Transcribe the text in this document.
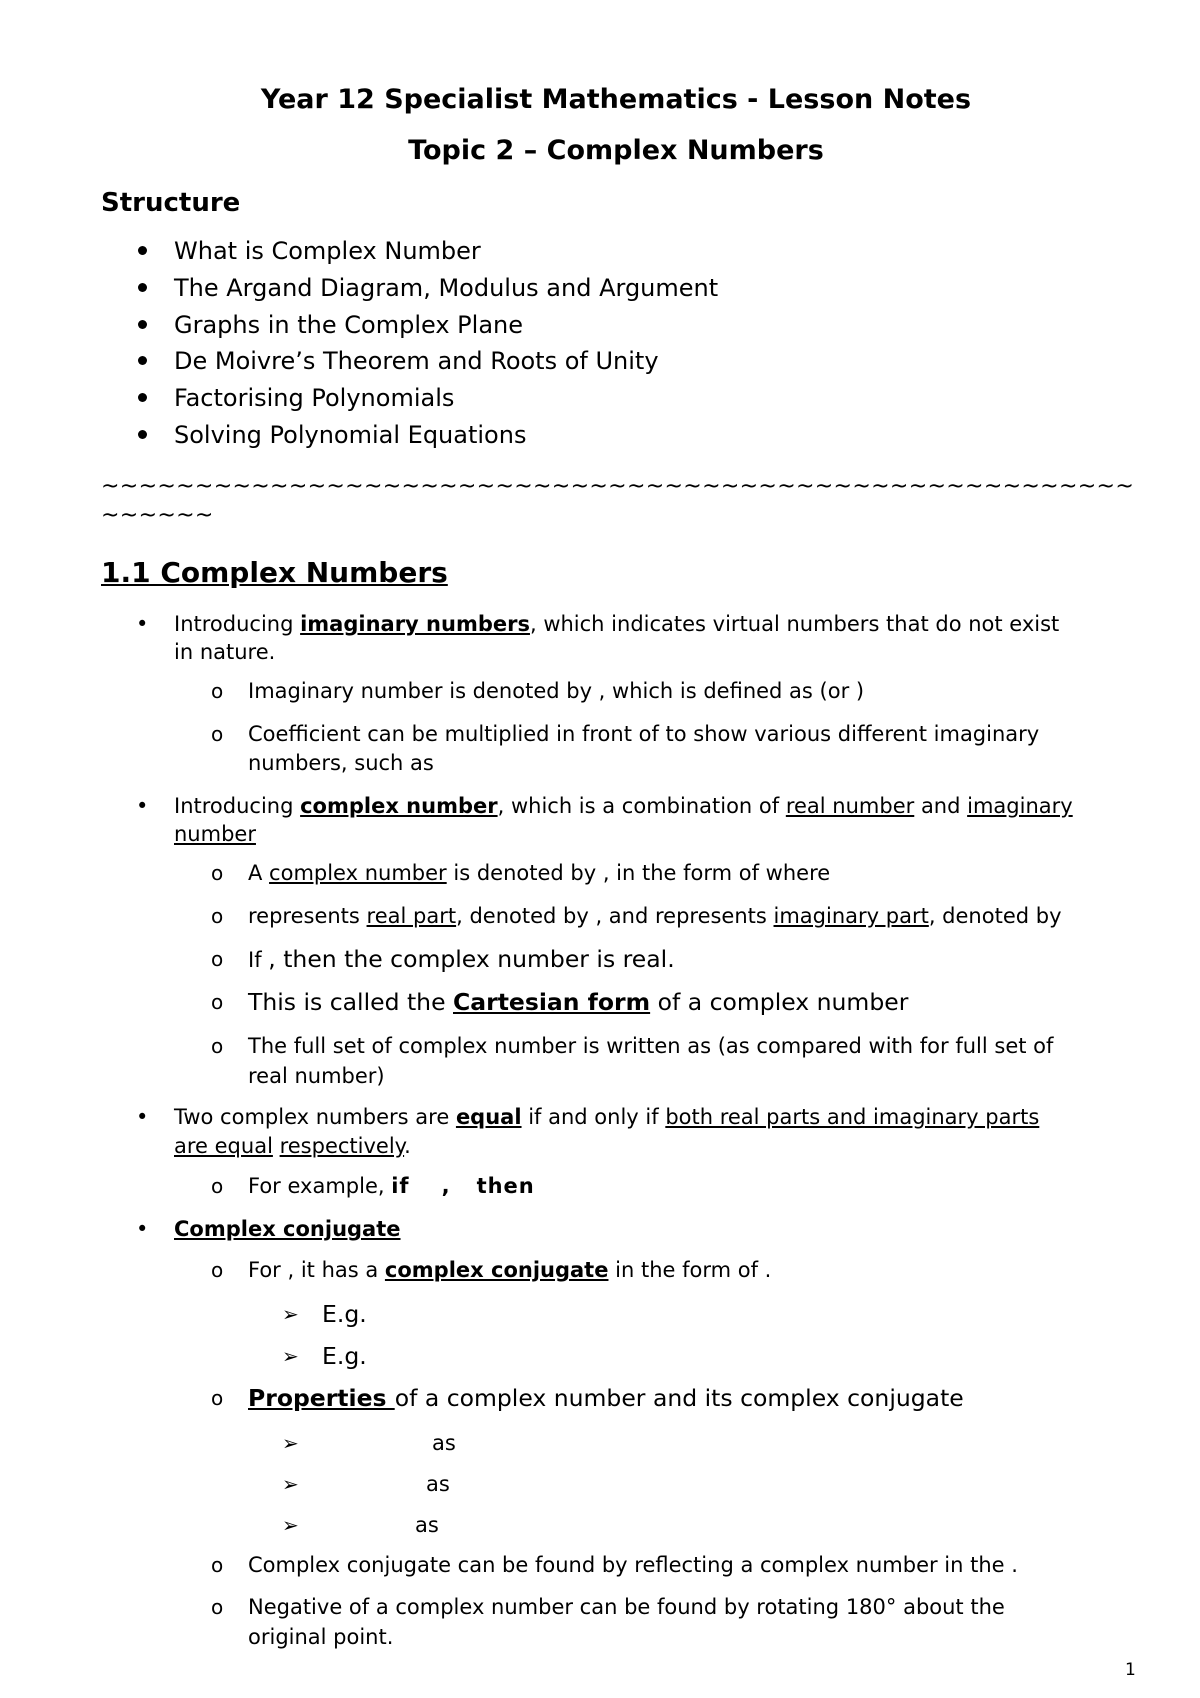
Year 12 Specialist Mathematics - Lesson Notes
Topic 2 – Complex Numbers
Structure
What is Complex Number
The Argand Diagram, Modulus and Argument
Graphs in the Complex Plane
De Moivre’s Theorem and Roots of Unity
Factorising Polynomials
Solving Polynomial Equations
~~~~~~~~~~~~~~~~~~~~~~~~~~~~~~~~~~~~~~~~~~~~~~~~~~~~~~~~~~~~~
1.1 Complex Numbers
• Introducing imaginary numbers, which indicates virtual numbers that do not exist
in nature.
o Imaginary number is denoted by , which is defined as (or )
o Coefficient can be multiplied in front of to show various different imaginary
numbers, such as
• Introducing complex number, which is a combination of real number and imaginary
number
o A complex number is denoted by , in the form of where
o represents real part, denoted by , and represents imaginary part, denoted by
o If , then the complex number is real.
o This is called the Cartesian form of a complex number
o The full set of complex number is written as (as compared with for full set of
real number)
• Two complex numbers are equal if and only if both real parts and imaginary parts
are equal respectively.
o For example, if , then
• Complex conjugate
o For , it has a complex conjugate in the form of .
➢ E.g.
➢ E.g.
o Properties of a complex number and its complex conjugate
➢ as
➢ as
➢ as
o Complex conjugate can be found by reflecting a complex number in the .
o Negative of a complex number can be found by rotating 180° about the
original point.
1
